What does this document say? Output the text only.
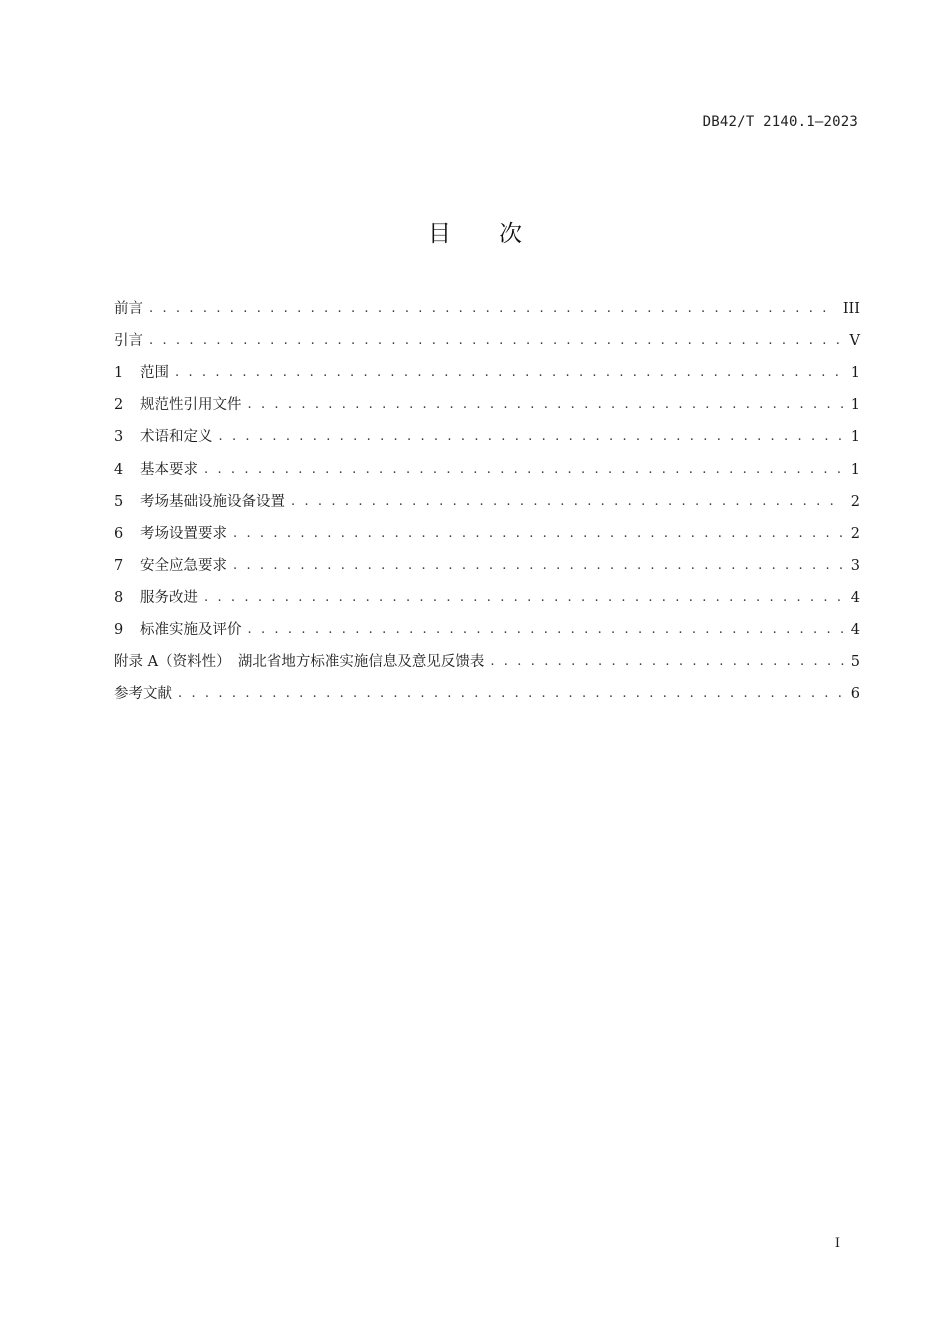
DB42/T 2140.1—2023
目次
前言 . . .	III
引言 . . .	V
1	范围 . . .	1
2	规范性引用文件 . . .	1
3	术语和定义 . . .	1
4	基本要求 . . .	1
5	考场基础设施设备设置 . . .	2
6	考场设置要求 . . .	2
7	安全应急要求 . . .	3
8	服务改进 . . .	4
9	标准实施及评价 . . .	4
附录 A（资料性）　湖北省地方标准实施信息及意见反馈表 . . .	5
参考文献 . . .	6
I
